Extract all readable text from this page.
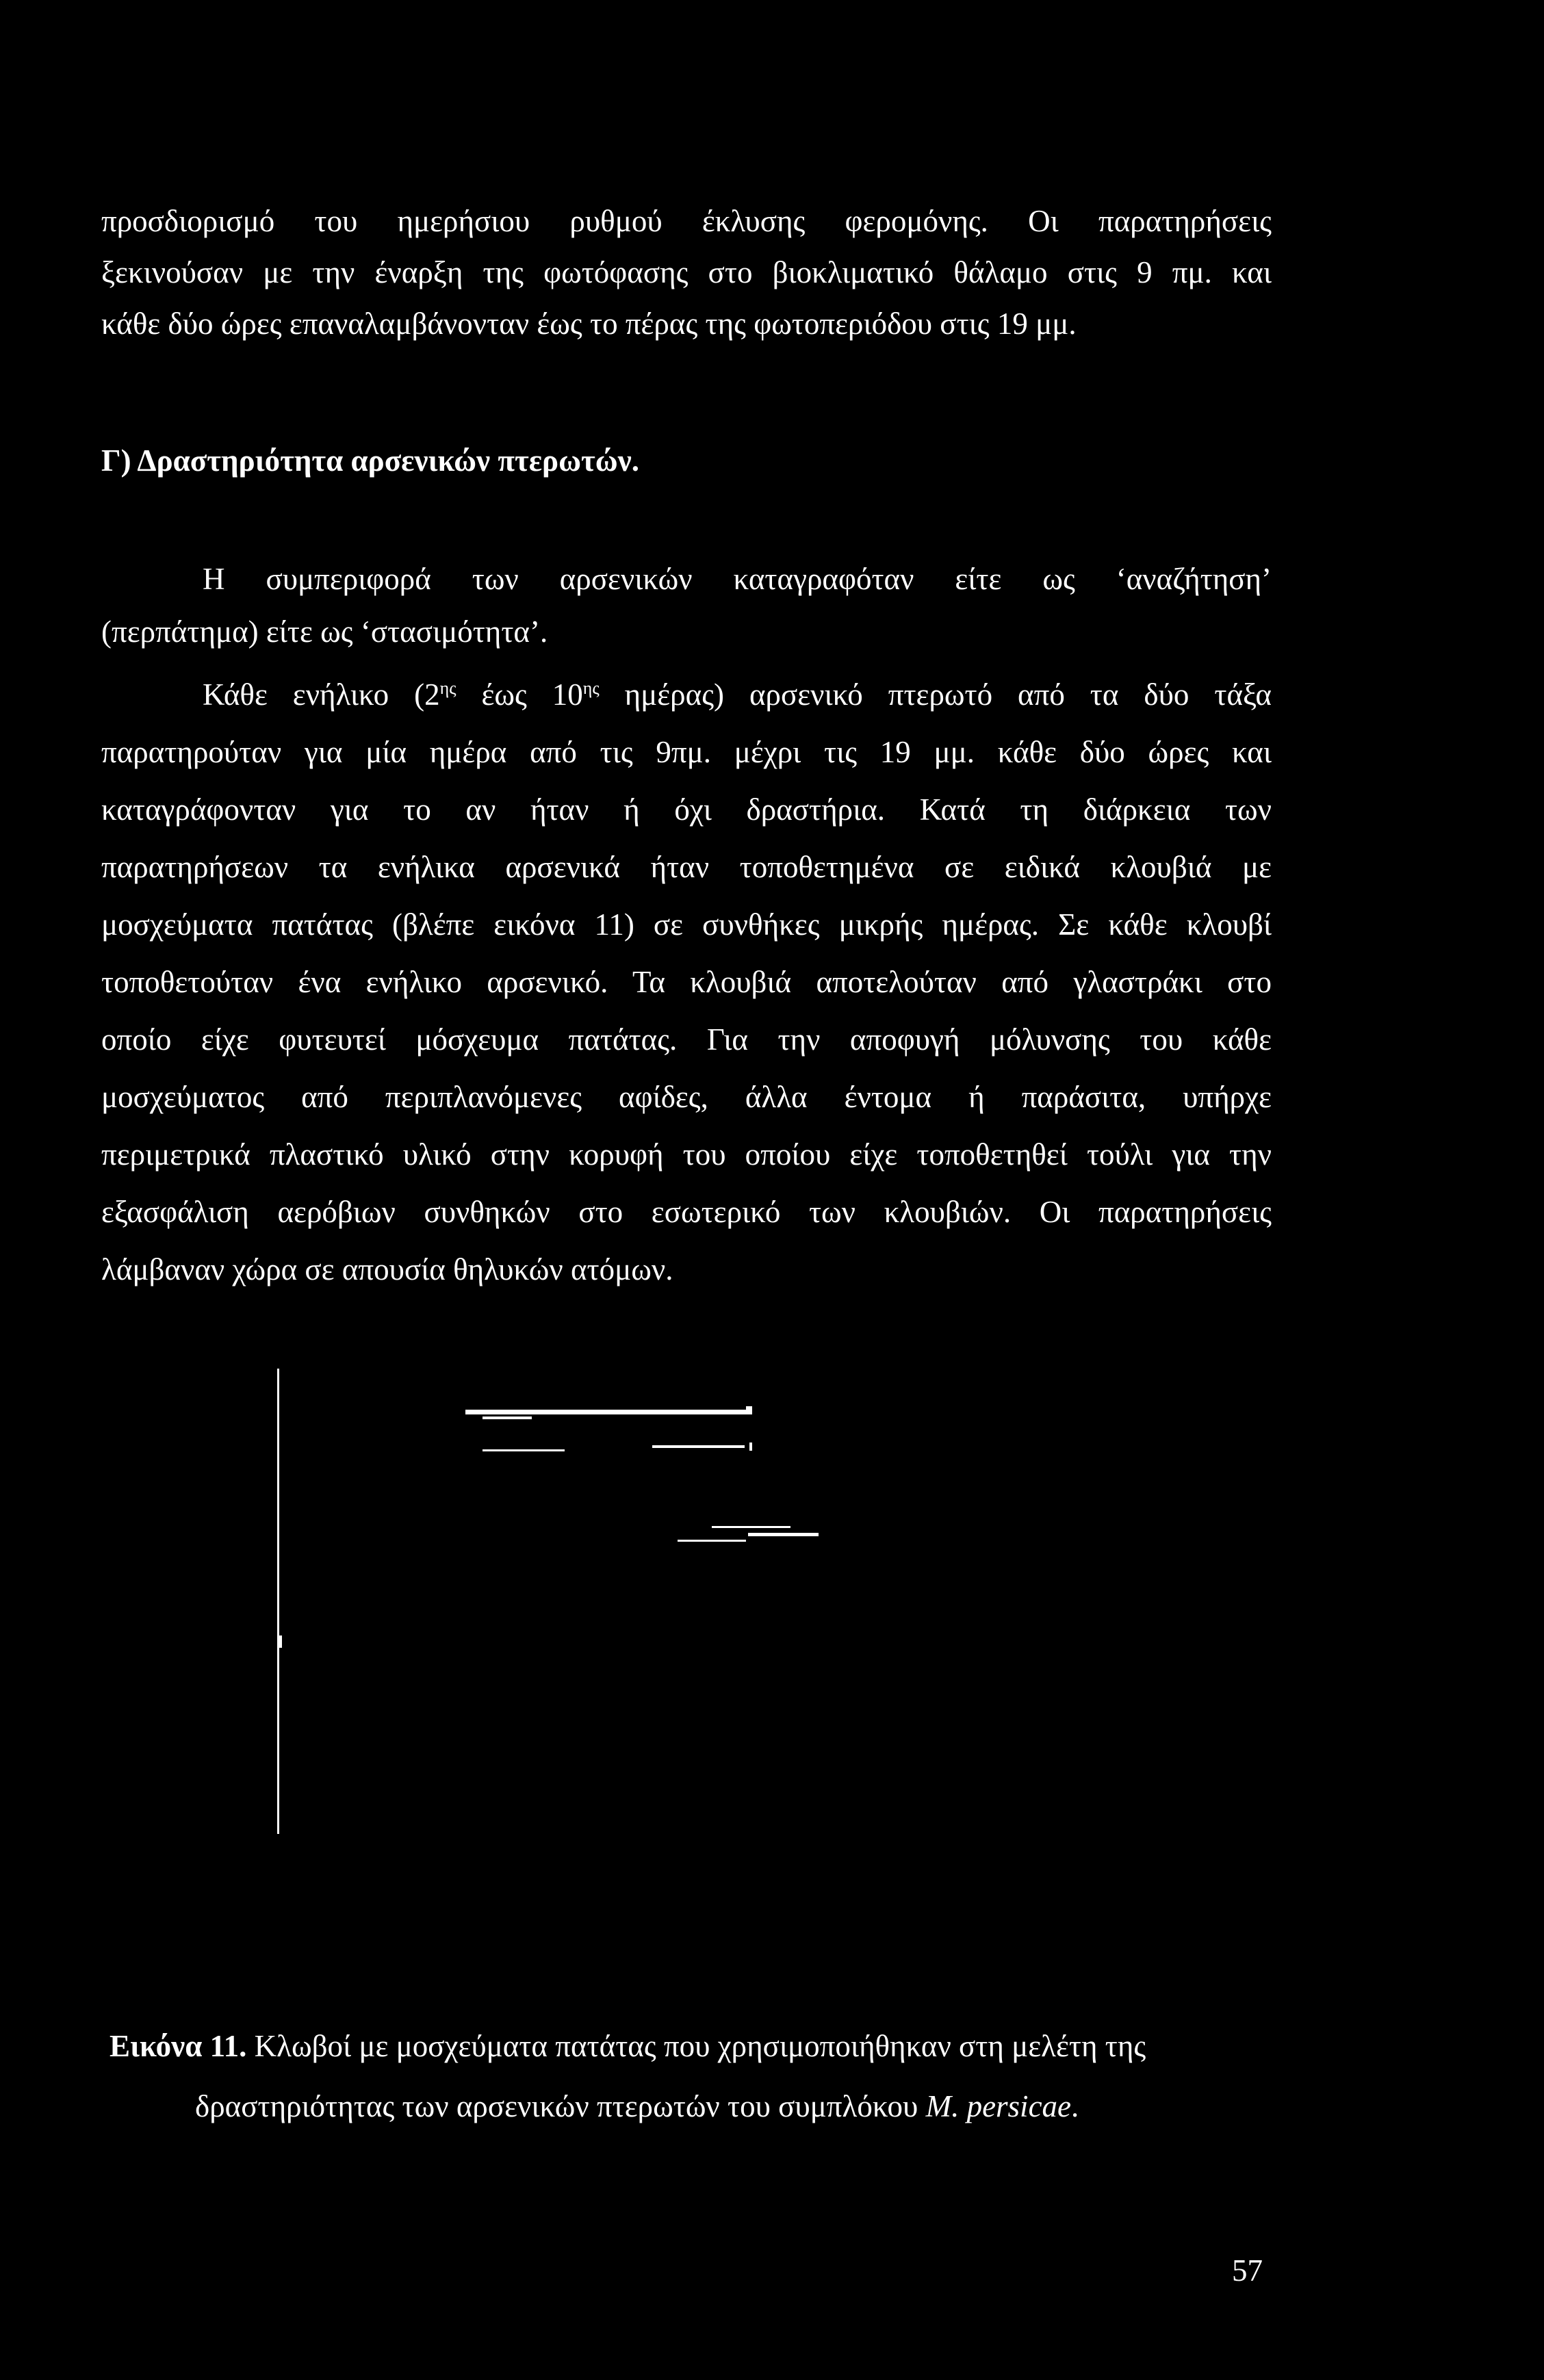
προσδιορισμό του ημερήσιου ρυθμού έκλυσης φερομόνης. Οι παρατηρήσεις
ξεκινούσαν με την έναρξη της φωτόφασης στο βιοκλιματικό θάλαμο στις 9 πμ. και
κάθε δύο ώρες επαναλαμβάνονταν έως το πέρας της φωτοπεριόδου στις 19 μμ.
Γ) Δραστηριότητα αρσενικών πτερωτών.
Η συμπεριφορά των αρσενικών καταγραφόταν είτε ως ‘αναζήτηση’
(περπάτημα) είτε ως ‘στασιμότητα’.
Κάθε ενήλικο ($2^{\eta\varsigma}$ έως $10^{\eta\varsigma}$ ημέρας) αρσενικό πτερωτό από τα δύο τάξα
παρατηρούταν για μία ημέρα από τις 9πμ. μέχρι τις 19 μμ. κάθε δύο ώρες και
καταγράφονταν για το αν ήταν ή όχι δραστήρια. Κατά τη διάρκεια των
παρατηρήσεων τα ενήλικα αρσενικά ήταν τοποθετημένα σε ειδικά κλουβιά με
μοσχεύματα πατάτας (βλέπε εικόνα 11) σε συνθήκες μικρής ημέρας. Σε κάθε κλουβί
τοποθετούταν ένα ενήλικο αρσενικό. Τα κλουβιά αποτελούταν από γλαστράκι στο
οποίο είχε φυτευτεί μόσχευμα πατάτας. Για την αποφυγή μόλυνσης του κάθε
μοσχεύματος από περιπλανόμενες αφίδες, άλλα έντομα ή παράσιτα, υπήρχε
περιμετρικά πλαστικό υλικό στην κορυφή του οποίου είχε τοποθετηθεί τούλι για την
εξασφάλιση αερόβιων συνθηκών στο εσωτερικό των κλουβιών. Οι παρατηρήσεις
λάμβαναν χώρα σε απουσία θηλυκών ατόμων.
Εικόνα 11. Κλωβοί με μοσχεύματα πατάτας που χρησιμοποιήθηκαν στη μελέτη της
δραστηριότητας των αρσενικών πτερωτών του συμπλόκου M. persicae.
57
